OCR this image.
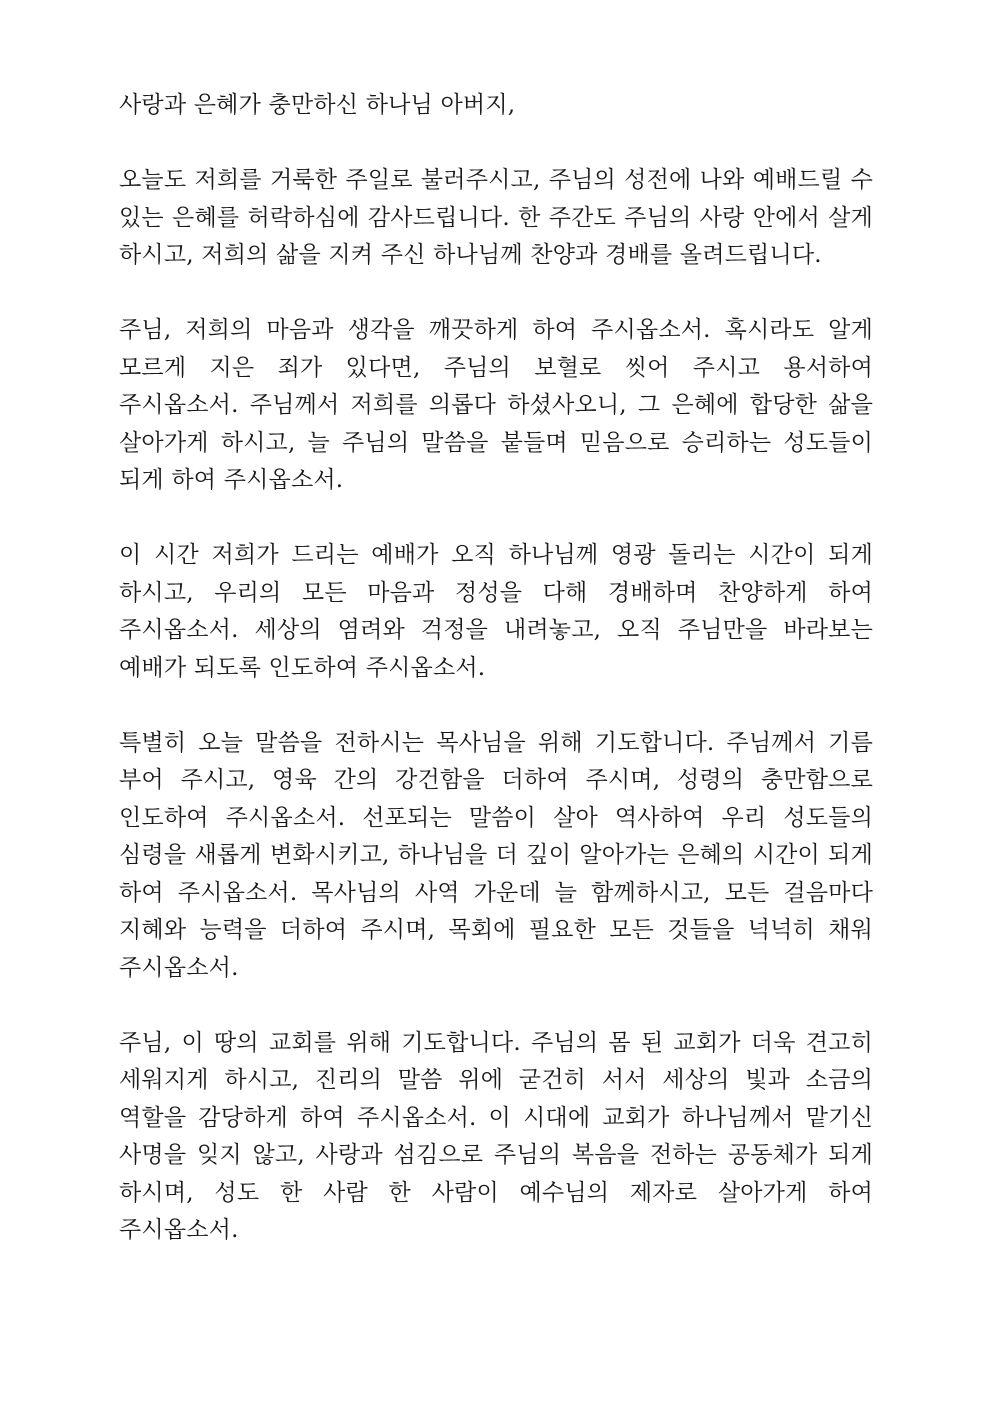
사랑과 은혜가 충만하신 하나님 아버지,

오늘도 저희를 거룩한 주일로 불러주시고, 주님의 성전에 나와 예배드릴 수 있는 은혜를 허락하심에 감사드립니다. 한 주간도 주님의 사랑 안에서 살게 하시고, 저희의 삶을 지켜 주신 하나님께 찬양과 경배를 올려드립니다.

주님, 저희의 마음과 생각을 깨끗하게 하여 주시옵소서. 혹시라도 알게 모르게 지은 죄가 있다면, 주님의 보혈로 씻어 주시고 용서하여 주시옵소서. 주님께서 저희를 의롭다 하셨사오니, 그 은혜에 합당한 삶을 살아가게 하시고, 늘 주님의 말씀을 붙들며 믿음으로 승리하는 성도들이 되게 하여 주시옵소서.

이 시간 저희가 드리는 예배가 오직 하나님께 영광 돌리는 시간이 되게 하시고, 우리의 모든 마음과 정성을 다해 경배하며 찬양하게 하여 주시옵소서. 세상의 염려와 걱정을 내려놓고, 오직 주님만을 바라보는 예배가 되도록 인도하여 주시옵소서.

특별히 오늘 말씀을 전하시는 목사님을 위해 기도합니다. 주님께서 기름 부어 주시고, 영육 간의 강건함을 더하여 주시며, 성령의 충만함으로 인도하여 주시옵소서. 선포되는 말씀이 살아 역사하여 우리 성도들의 심령을 새롭게 변화시키고, 하나님을 더 깊이 알아가는 은혜의 시간이 되게 하여 주시옵소서. 목사님의 사역 가운데 늘 함께하시고, 모든 걸음마다 지혜와 능력을 더하여 주시며, 목회에 필요한 모든 것들을 넉넉히 채워 주시옵소서.

주님, 이 땅의 교회를 위해 기도합니다. 주님의 몸 된 교회가 더욱 견고히 세워지게 하시고, 진리의 말씀 위에 굳건히 서서 세상의 빛과 소금의 역할을 감당하게 하여 주시옵소서. 이 시대에 교회가 하나님께서 맡기신 사명을 잊지 않고, 사랑과 섬김으로 주님의 복음을 전하는 공동체가 되게 하시며, 성도 한 사람 한 사람이 예수님의 제자로 살아가게 하여 주시옵소서.
